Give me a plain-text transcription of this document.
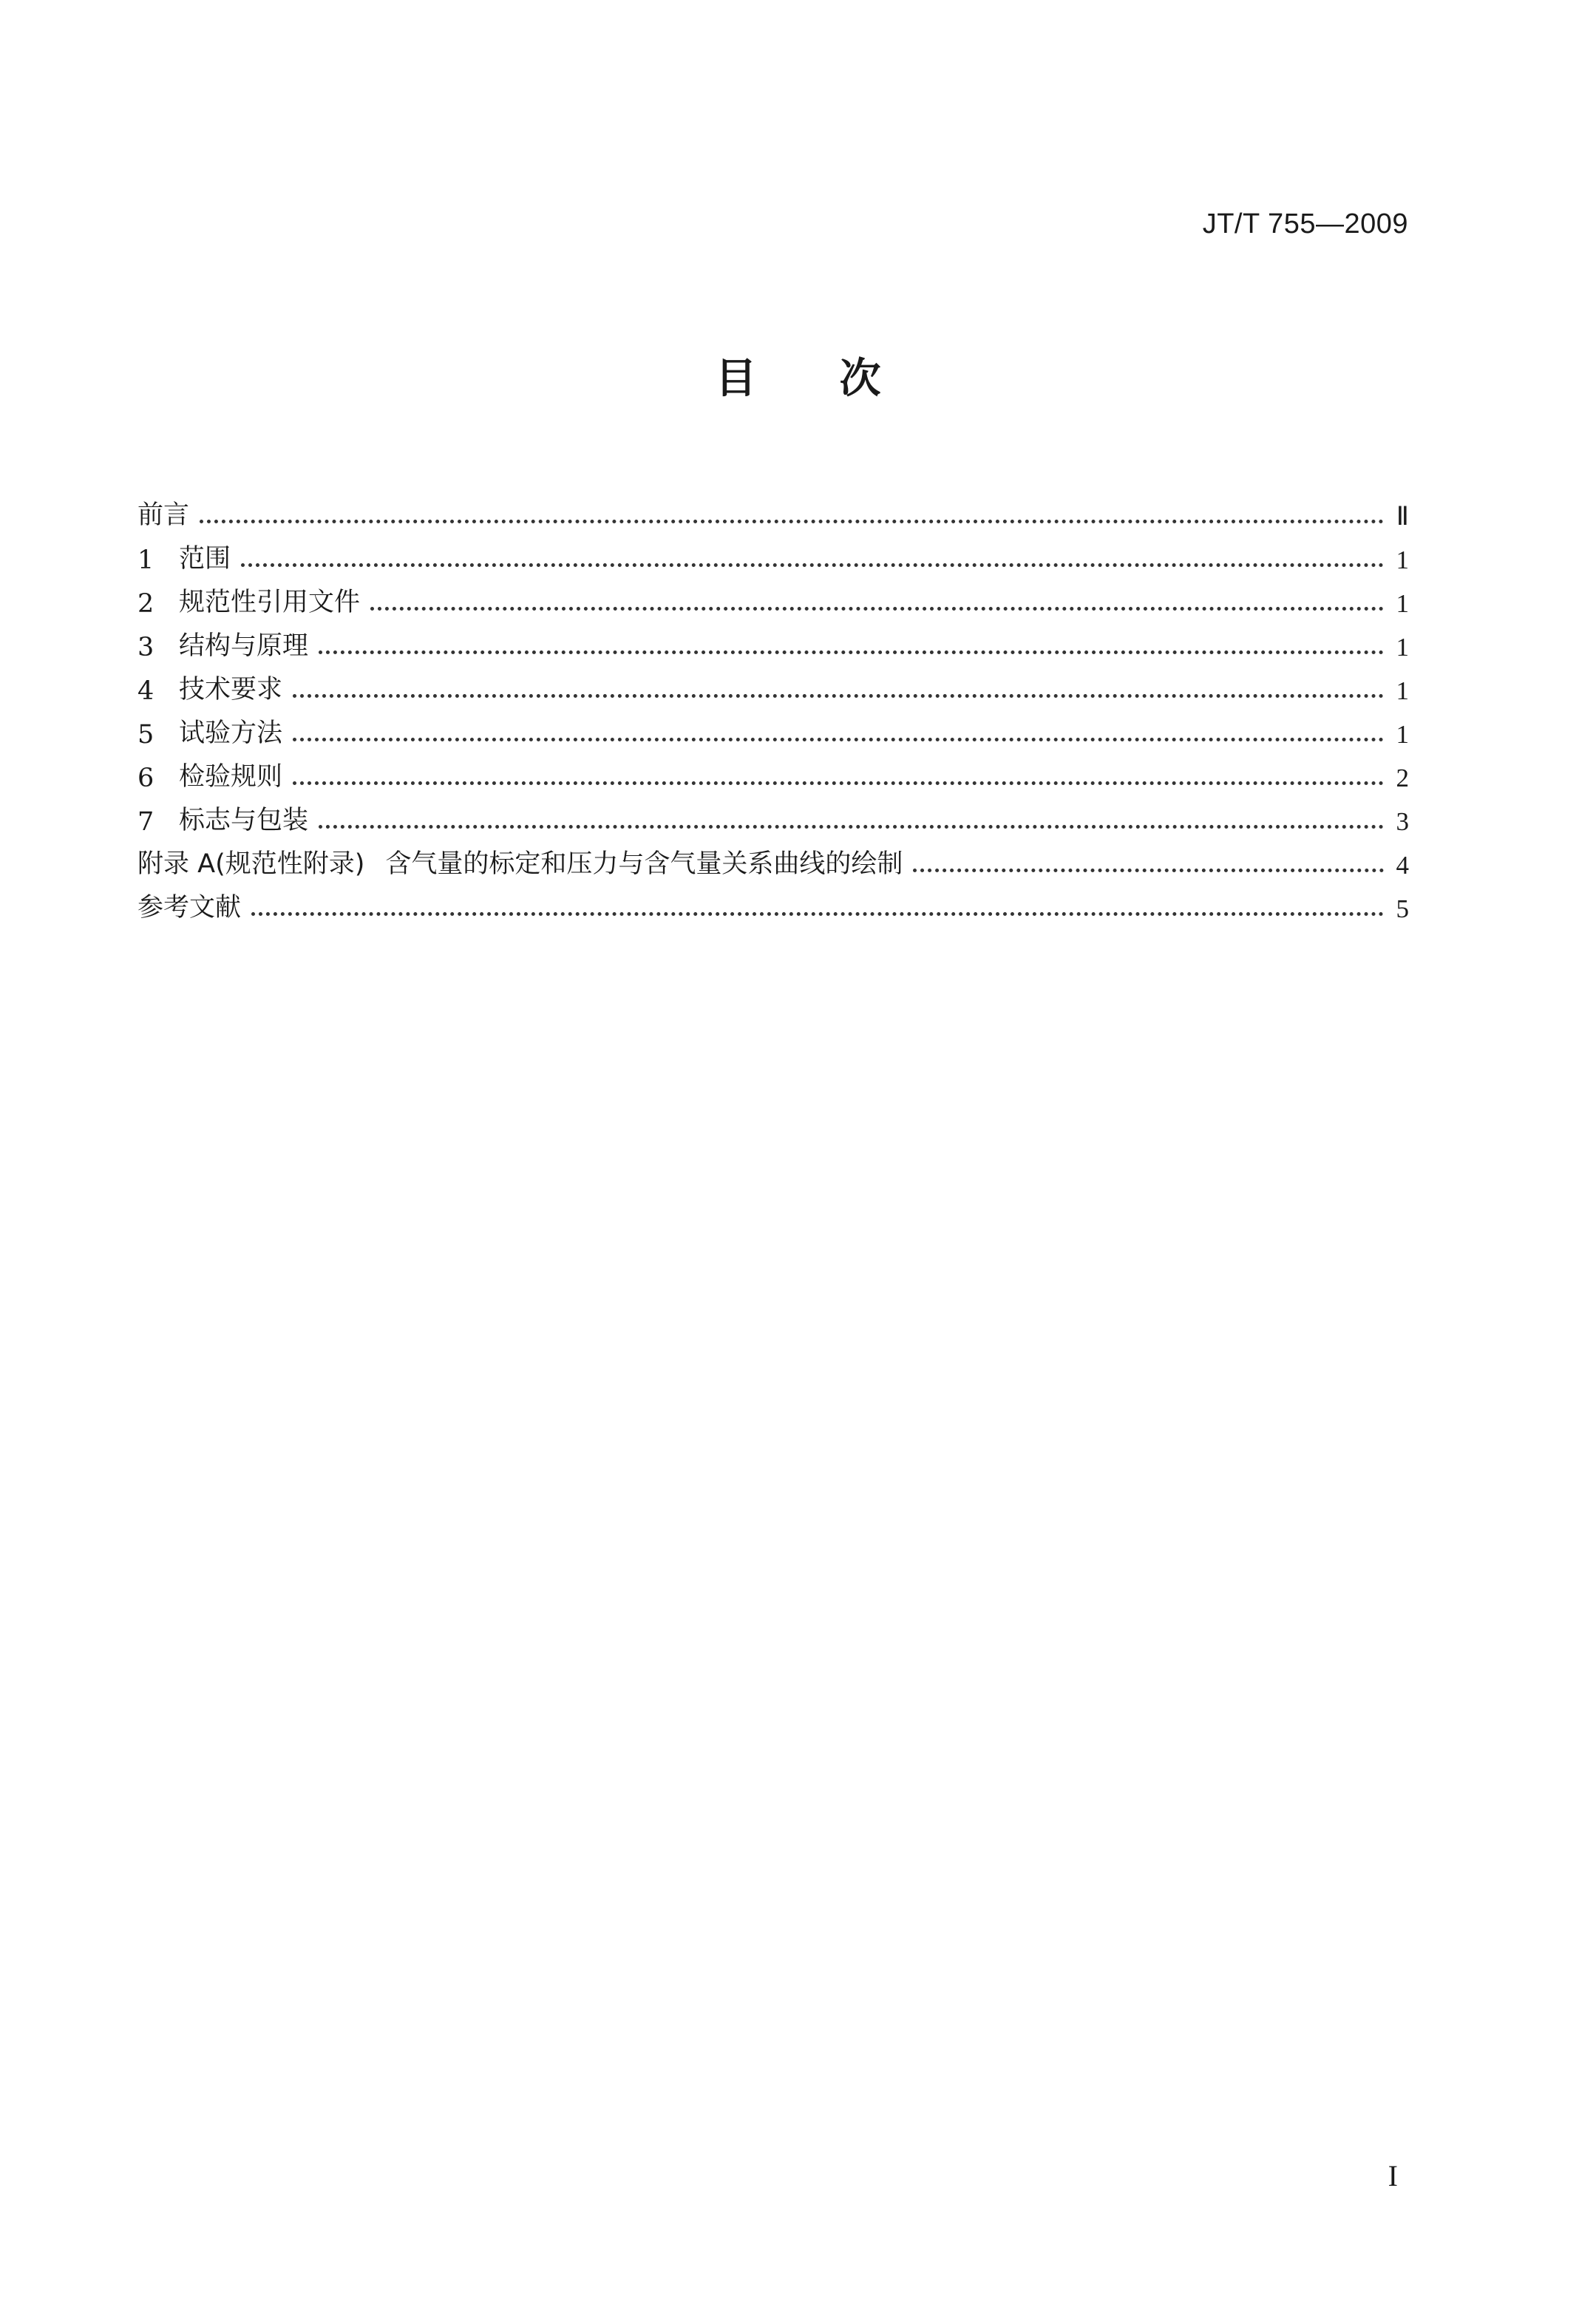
JT/T 755—2009
目 次
前言	Ⅱ
1 范围	1
2 规范性引用文件	1
3 结构与原理	1
4 技术要求	1
5 试验方法	1
6 检验规则	2
7 标志与包装	3
附录 A(规范性附录) 含气量的标定和压力与含气量关系曲线的绘制	4
参考文献	5
I
